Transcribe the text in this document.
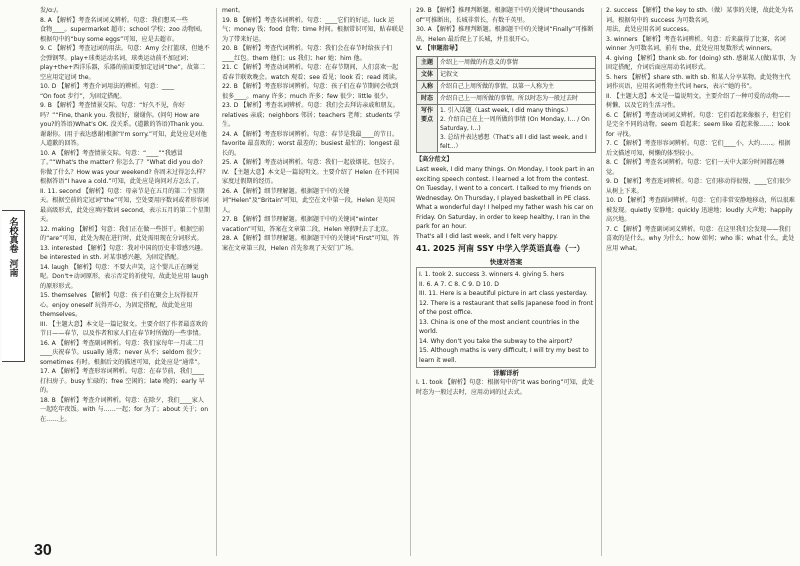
名校真卷
河南
发/ɑ:/。
8. A 【解析】考查名词词义辨析。句意：我们想买一些
食物____。supermarket 超市；school 学校；zoo 动物园。根据句中的“buy some eggs”可知，应是去超市。
9. C 【解析】考查冠词的用法。句意：Amy 会打篮球，但她不会弹钢琴。play+球类运动名词，球类运动前不加冠词；play+the+西洋乐器，乐器的前面要加定冠词“the”，故第二空应用定冠词 the。
10. D 【解析】考查介词用法的辨析。句意：____
“On foot 步行”，为固定搭配。
9. B 【解析】考查情景交际。句意：“好久不见，你好吗？”“Fine, thank you. 我很好，谢谢你。(问句 How are you?的答语)What's OK. 没关系。(道歉的答语)Thank you. 谢谢你。(用于表达感谢)根据“I'm sorry.”可知，此处应是对他人道歉的回答。
10. A 【解析】考查情景交际。句意：“____”“我感冒了。”“What's the matter? 你怎么了？”What did you do? 你做了什么？How was your weekend? 你周末过得怎么样？根据答语“I have a cold.”可知，此处应是询问对方怎么了。
II. 11. second 【解析】句意：母亲节是在五月的第二个星期天。根据空前的定冠词“the”可知，空处要用序数词或者形容词最高级形式，此处应填序数词 second，表示五月的第二个星期天。
12. making 【解析】句意：我们正在做一些饼干。根据空前的“are”可知，此处为现在进行时，此处需用现在分词形式。
13. interested 【解析】句意：我对中国的历史非常感兴趣。be interested in sth. 对某事感兴趣，为固定搭配。
14. laugh 【解析】句意：不要大声笑，这个婴儿正在睡觉呢。Don't+动词原形，表示否定的祈使句，故此处应用 laugh 的原形形式。
15. themselves 【解析】句意：孩子们在聚会上玩得很开心。enjoy oneself 玩得开心，为固定搭配，故此处应用 themselves。
III. 【主题大意】本文是一篇记叙文。主要介绍了作者最喜欢的节日——春节，以及作者和家人们在春节时所做的一些事情。
16. A 【解析】考查副词辨析。句意：我们家每年一月或二月____庆祝春节。usually 通常；never 从不；seldom 很少；sometimes 有时。根据后文的描述可知，此处应是“通常”。
17. A 【解析】考查形容词辨析。句意：在春节前，我们____打扫房子。busy 忙碌的；free 空闲的；late 晚的；early 早的。
18. B 【解析】考查介词辨析。句意：在除夕，我们____家人一起吃年夜饭。with 与……一起；for 为了；about 关于；on 在……上。
ment。
19. B 【解析】考查名词辨析。句意：____它们的好运。luck 运气；money 钱；food 食物；time 时间。根据常识可知，贴春联是为了带来好运。
20. B 【解析】考查代词辨析。句意：我们会在春节时给孩子们____红包。them 他们；us 我们；her 她；him 他。
21. C 【解析】考查动词辨析。句意：在春节期间，人们喜欢一起看春节联欢晚会。watch 观看；see 看见；look 看；read 阅读。
22. B 【解析】考查形容词辨析。句意：孩子们在春节期间会收到很多____。many 许多；much 许多；few 很少；little 很少。
23. D 【解析】考查名词辨析。句意：我们会去拜访亲戚和朋友。relatives 亲戚；neighbors 邻居；teachers 老师；students 学生。
24. A 【解析】考查形容词辨析。句意：春节是我最____的节日。favorite 最喜欢的；worst 最差的；busiest 最忙的；longest 最长的。
25. A 【解析】考查动词辨析。句意：我们一起放烟花、包饺子。
IV. 【主题大意】本文是一篇说明文。主要介绍了 Helen 在不同国家度过假期的经历。
26. A 【解析】细节理解题。根据题干中的关键词“Helen”及“Britain”可知，此空在文中第一段，Helen 是英国人。
27. B 【解析】细节理解题。根据题干中的关键词“winter vacation”可知，答案在文章第二段，Helen 寒假时去了北京。
28. A 【解析】细节理解题。根据题干中的关键词“First”可知，答案在文章第三段，Helen 首先参观了天安门广场。
29. B 【解析】推理判断题。根据题干中的关键词“thousands of”可推断出，长城非常长，有数千英里。
30. A 【解析】推理判断题。根据题干中的关键词“Finally”可推断出，Helen 最后爬上了长城，并且很开心。
V. 【审题指导】
主题	介绍上一周做的有意义的事情
文体	记叙文
人称	介绍自己上周所做的事情，以第一人称为主
时态	介绍自己上一周所做的事情，所以时态为一般过去时
写作要点	1. 引入话题（Last week, I did many things.）
2. 介绍自己在上一周所做的事情 (On Monday, I... / On Saturday, I...)
3. 总结并表达感想（That's all I did last week, and I felt...）
【高分范文】
Last week, I did many things. On Monday, I took part in an exciting speech contest. I learned a lot from the contest. On Tuesday, I went to a concert. I talked to my friends on Wednesday. On Thursday, I played basketball in PE class. What a wonderful day! I helped my father wash his car on Friday. On Saturday, in order to keep healthy, I ran in the park for an hour.
That's all I did last week, and I felt very happy.
41. 2025 河南 SSY 中学入学英语真卷（一）
快速对答案
I. 1. took 2. success 3. winners 4. giving 5. hers
II. 6. A 7. C 8. C 9. D 10. D
III. 11. Here is a beautiful picture in art class yesterday.
12. There is a restaurant that sells Japanese food in front of the post office.
13. China is one of the most ancient countries in the world.
14. Why don't you take the subway to the airport?
15. Although maths is very difficult, I will try my best to learn it well.
详解详析
I. 1. took 【解析】句意：根据句中的“it was boring”可知，此处时态为一般过去时，应用动词的过去式。
2. success 【解析】the key to sth.（做）某事的关键，故此处为名词。根据句中的 success 为可数名词，
用法，此处应用名词 success。
3. winners 【解析】考查名词辨析。句意：后来赢得了比赛，名词 winner 为可数名词，前有 the，此处应用复数形式 winners。
4. giving 【解析】thank sb. for (doing) sth. 感谢某人(做)某事，为固定搭配，介词后面应用动名词形式。
5. hers 【解析】share sth. with sb. 和某人分享某物。此处物主代词作宾语，应用名词性物主代词 hers，表示“她的书”。
II. 【主题大意】本文是一篇说明文。主要介绍了一种可爱的动物——树懒，以及它的生活习性。
6. C 【解析】考查动词词义辨析。句意：它们看起来像猴子，但它们是完全不同的动物。seem 看起来；seem like 看起来像……；look for 寻找。
7. C 【解析】考查形容词辨析。句意：它们____小，大约……。根据后文描述可知，树懒的体型较小。
8. C 【解析】考查名词辨析。句意：它们一天中大部分时间都在睡觉。
9. D 【解析】考查连词辨析。句意：它们移动得很慢，____它们很少从树上下来。
10. D 【解析】考查副词辨析。句意：它们非常安静地移动，所以很难被发现。quietly 安静地；quickly 迅速地；loudly 大声地；happily 高兴地。
7. C 【解析】考查副词词义辨析。句意：在这里我们会发现——我们喜欢的是什么。why 为什么；how 如何；who 谁；what 什么，此处应用 what。
30
